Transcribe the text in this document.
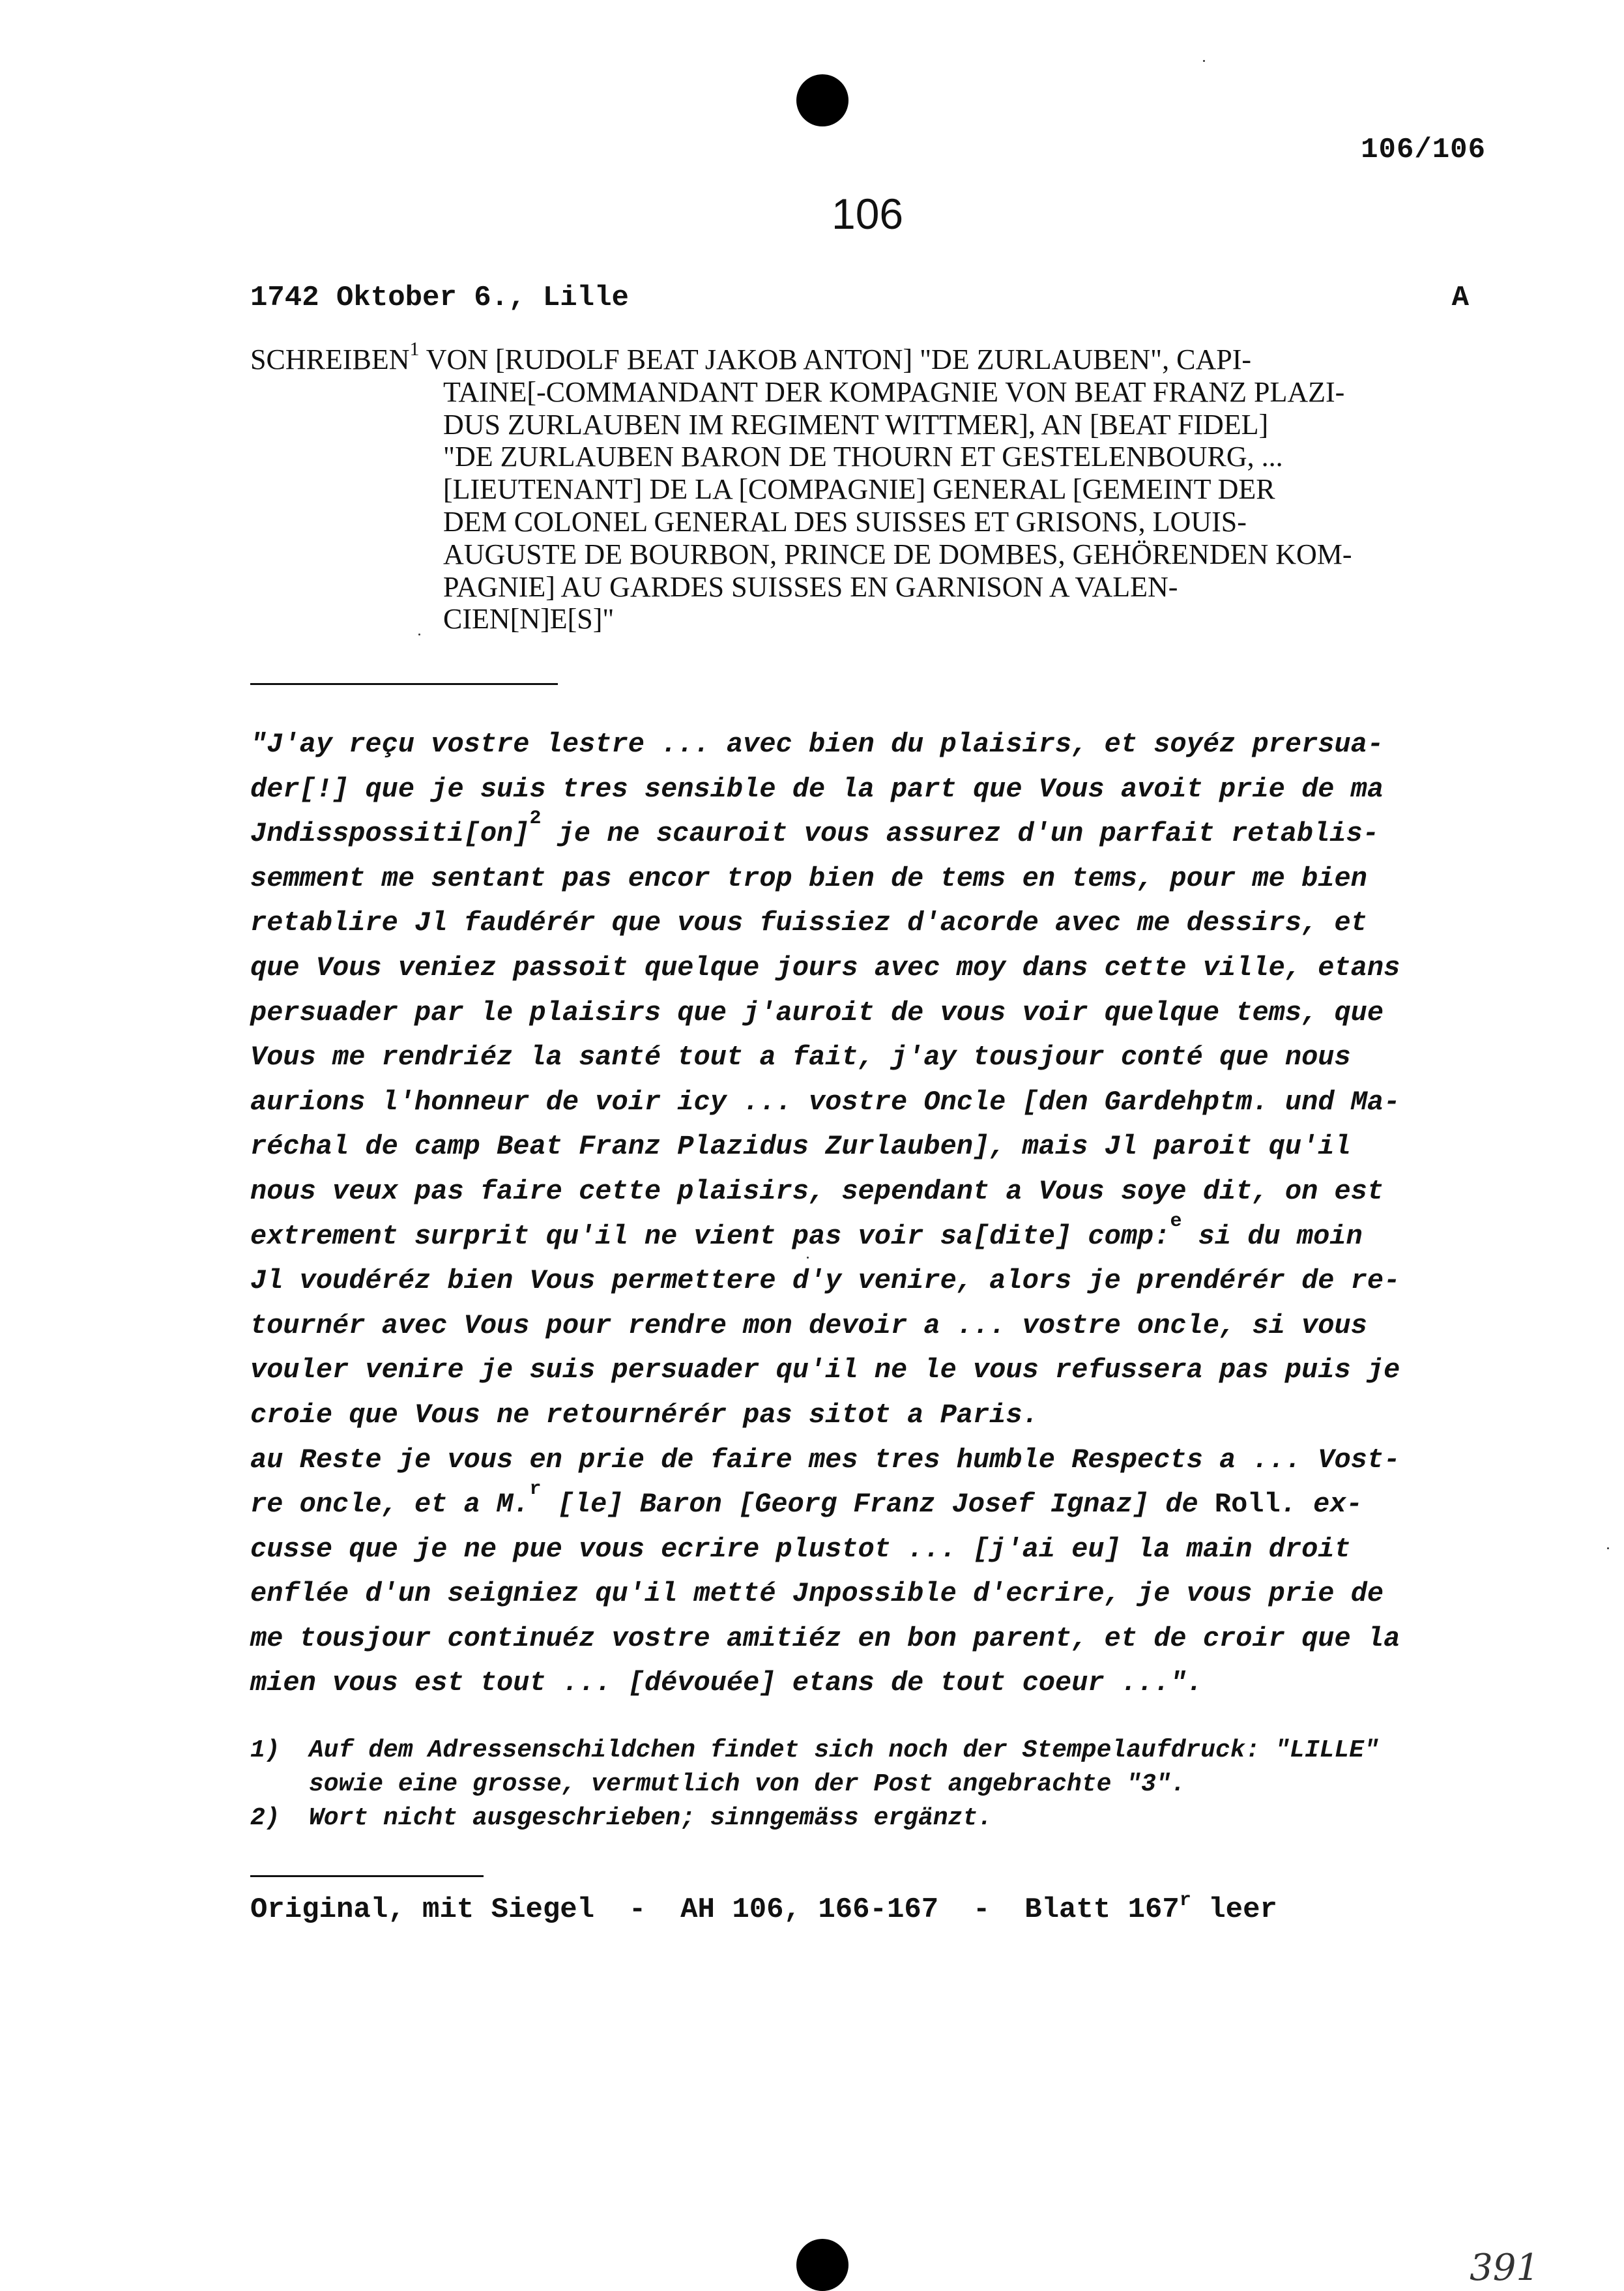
106/106
106
1742 Oktober 6., Lille	A
SCHREIBEN$^1$ VON [RUDOLF BEAT JAKOB ANTON] "DE ZURLAUBEN", CAPI-
TAINE[-COMMANDANT DER KOMPAGNIE VON BEAT FRANZ PLAZI-
DUS ZURLAUBEN IM REGIMENT WITTMER], AN [BEAT FIDEL]
"DE ZURLAUBEN BARON DE THOURN ET GESTELENBOURG, ...
[LIEUTENANT] DE LA [COMPAGNIE] GENERAL [GEMEINT DER
DEM COLONEL GENERAL DES SUISSES ET GRISONS, LOUIS-
AUGUSTE DE BOURBON, PRINCE DE DOMBES, GEHÖRENDEN KOM-
PAGNIE] AU GARDES SUISSES EN GARNISON A VALEN-
CIEN[N]E[S]"
"J'ay reçu vostre lestre ... avec bien du plaisirs, et soyéz prersua-
der[!] que je suis tres sensible de la part que Vous avoit prie de ma
Jndisspossiti[on]$^2$ je ne scauroit vous assurez d'un parfait retablis-
semment me sentant pas encor trop bien de tems en tems, pour me bien
retablire Jl faudérér que vous fuissiez d'acorde avec me dessirs, et
que Vous veniez passoit quelque jours avec moy dans cette ville, etans
persuader par le plaisirs que j'auroit de vous voir quelque tems, que
Vous me rendriéz la santé tout a fait, j'ay tousjour conté que nous
aurions l'honneur de voir icy ... vostre Oncle [den Gardehptm. und Ma-
réchal de camp Beat Franz Plazidus Zurlauben], mais Jl paroit qu'il
nous veux pas faire cette plaisirs, sependant a Vous soye dit, on est
extrement surprit qu'il ne vient pas voir sa[dite] comp:$^e$ si du moin
Jl voudéréz bien Vous permettere d'y venire, alors je prendérér de re-
tournér avec Vous pour rendre mon devoir a ... vostre oncle, si vous
vouler venire je suis persuader qu'il ne le vous refussera pas puis je
croie que Vous ne retournérér pas sitot a Paris.
au Reste je vous en prie de faire mes tres humble Respects a ... Vost-
re oncle, et a M.$^r$ [le] Baron [Georg Franz Josef Ignaz] de Roll. ex-
cusse que je ne pue vous ecrire plustot ... [j'ai eu] la main droit
enflée d'un seigniez qu'il metté Jnpossible d'ecrire, je vous prie de
me tousjour continuéz vostre amitiéz en bon parent, et de croir que la
mien vous est tout ... [dévouée] etans de tout coeur ...".
1)	Auf dem Adressenschildchen findet sich noch der Stempelaufdruck: "LILLE"
sowie eine grosse, vermutlich von der Post angebrachte "3".
2)	Wort nicht ausgeschrieben; sinngemäss ergänzt.
Original, mit Siegel  -  AH 106, 166-167  -  Blatt 167$^r$ leer
391
